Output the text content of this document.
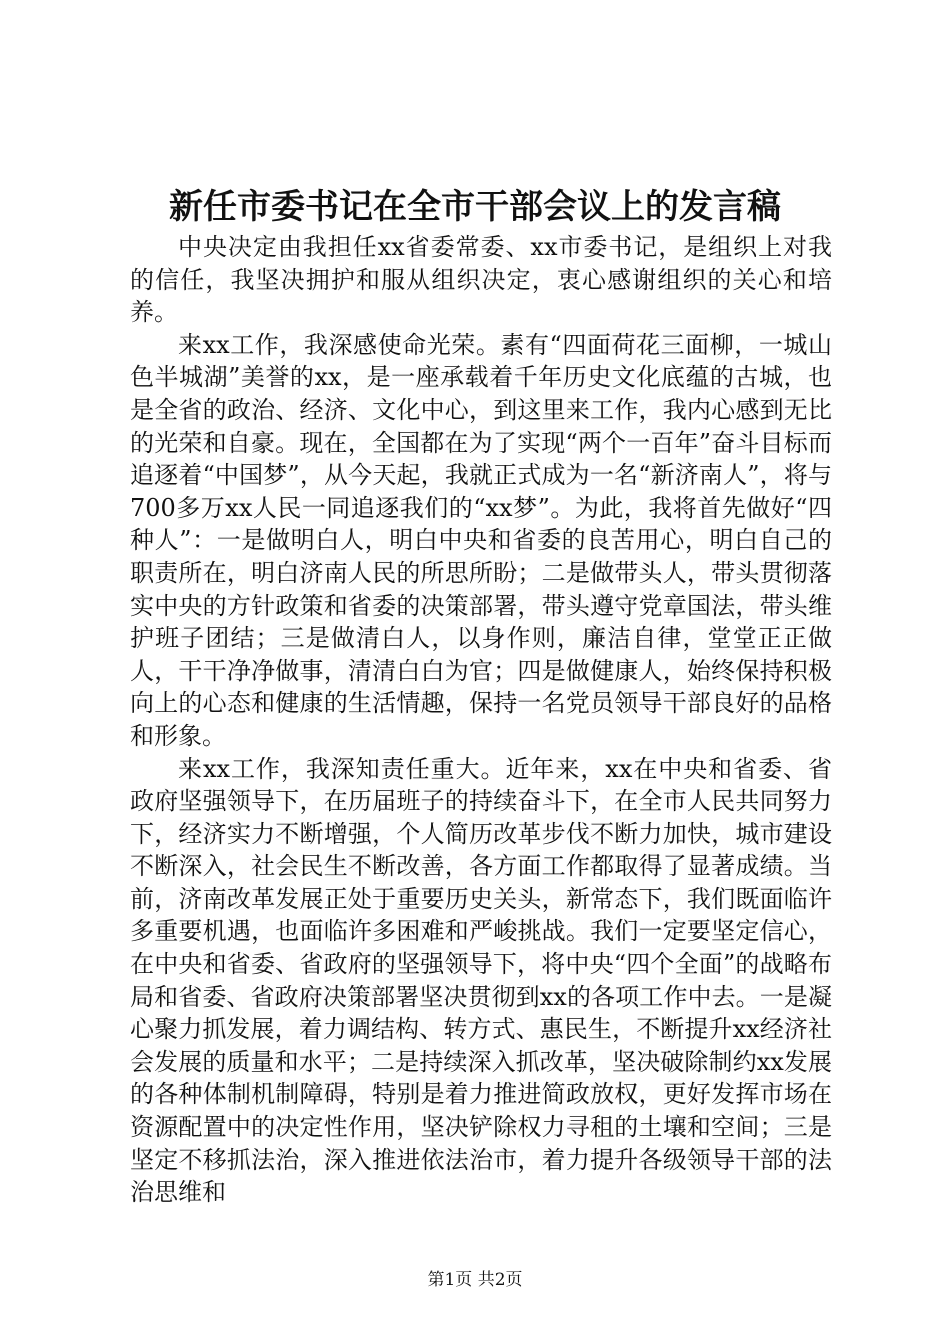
新任市委书记在全市干部会议上的发言稿

中央决定由我担任xx省委常委、xx市委书记，是组织上对我的信任，我坚决拥护和服从组织决定，衷心感谢组织的关心和培养。

来xx工作，我深感使命光荣。素有“四面荷花三面柳，一城山色半城湖”美誉的xx，是一座承载着千年历史文化底蕴的古城，也是全省的政治、经济、文化中心，到这里来工作，我内心感到无比的光荣和自豪。现在，全国都在为了实现“两个一百年”奋斗目标而追逐着“中国梦”，从今天起，我就正式成为一名“新济南人”，将与700多万xx人民一同追逐我们的“xx梦”。为此，我将首先做好“四种人”：一是做明白人，明白中央和省委的良苦用心，明白自己的职责所在，明白济南人民的所思所盼；二是做带头人，带头贯彻落实中央的方针政策和省委的决策部署，带头遵守党章国法，带头维护班子团结；三是做清白人，以身作则，廉洁自律，堂堂正正做人，干干净净做事，清清白白为官；四是做健康人，始终保持积极向上的心态和健康的生活情趣，保持一名党员领导干部良好的品格和形象。

来xx工作，我深知责任重大。近年来，xx在中央和省委、省政府坚强领导下，在历届班子的持续奋斗下，在全市人民共同努力下，经济实力不断增强，个人简历改革步伐不断力加快，城市建设不断深入，社会民生不断改善，各方面工作都取得了显著成绩。当前，济南改革发展正处于重要历史关头，新常态下，我们既面临许多重要机遇，也面临许多困难和严峻挑战。我们一定要坚定信心，在中央和省委、省政府的坚强领导下，将中央“四个全面”的战略布局和省委、省政府决策部署坚决贯彻到xx的各项工作中去。一是凝心聚力抓发展，着力调结构、转方式、惠民生，不断提升xx经济社会发展的质量和水平；二是持续深入抓改革，坚决破除制约xx发展的各种体制机制障碍，特别是着力推进简政放权，更好发挥市场在资源配置中的决定性作用，坚决铲除权力寻租的土壤和空间；三是坚定不移抓法治，深入推进依法治市，着力提升各级领导干部的法治思维和

第1页 共2页
